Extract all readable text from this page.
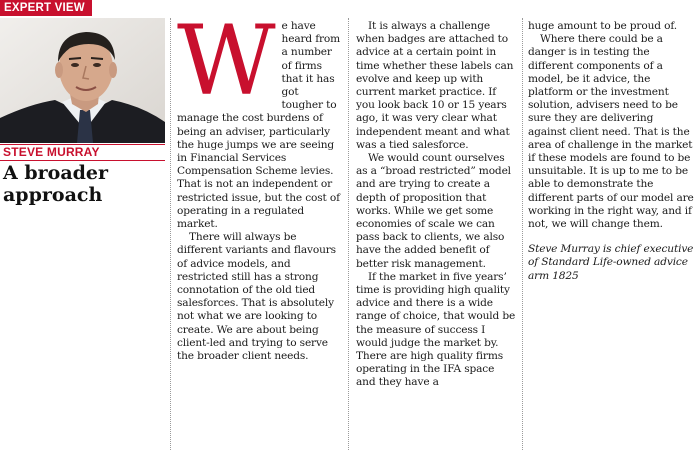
EXPERT VIEW
STEVE MURRAY
A broader approach
W e have heard from a number of firms that it has got tougher to manage the cost burdens of being an adviser, particularly the huge jumps we are seeing in Financial Services Compensation Scheme levies. That is not an independent or restricted issue, but the cost of operating in a regulated market.

There will always be different variants and flavours of advice models, and restricted still has a strong connotation of the old tied salesforces. That is absolutely not what we are looking to create. We are about being client-led and trying to serve the broader client needs.

It is always a challenge when badges are attached to advice at a certain point in time whether these labels can evolve and keep up with current market practice. If you look back 10 or 15 years ago, it was very clear what independent meant and what was a tied salesforce.

We would count ourselves as a “broad restricted” model and are trying to create a depth of proposition that works. While we get some economies of scale we can pass back to clients, we also have the added benefit of better risk management.

If the market in five years’ time is providing high quality advice and there is a wide range of choice, that would be the measure of success I would judge the market by. There are high quality firms operating in the IFA space and they have a

huge amount to be proud of.

Where there could be a danger is in testing the different components of a model, be it advice, the platform or the investment solution, advisers need to be sure they are delivering against client need. That is the area of challenge in the market if these models are found to be unsuitable. It is up to me to be able to demonstrate the different parts of our model are working in the right way, and if not, we will change them.

Steve Murray is chief executive of Standard Life-owned advice arm 1825
